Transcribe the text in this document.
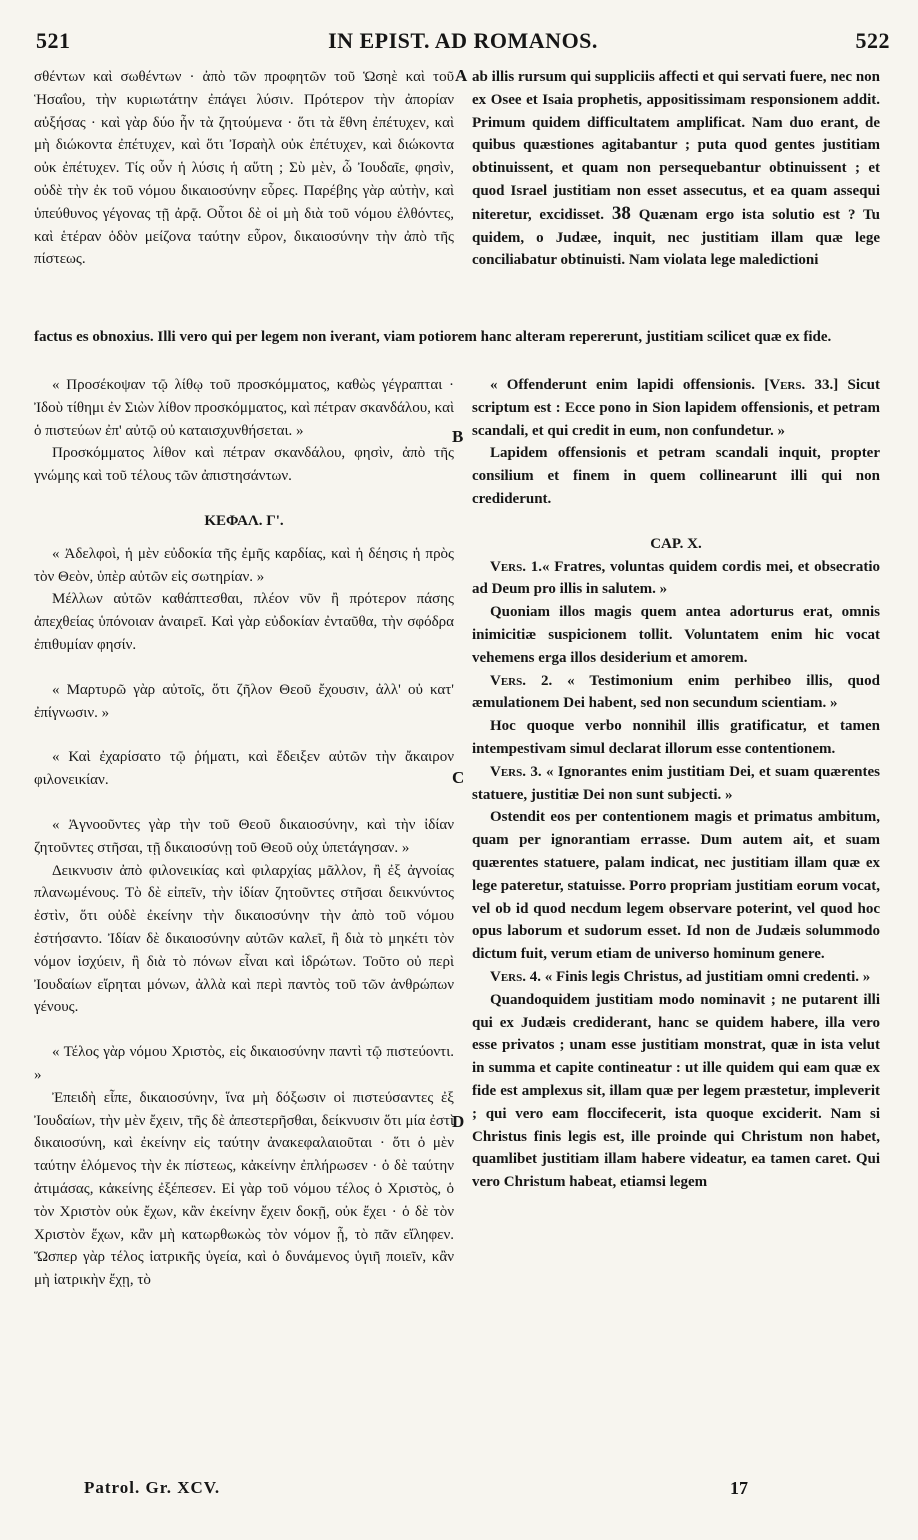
521	IN EPIST. AD ROMANOS.	522
A
B
C
D

σθέντων καὶ σωθέντων · ἀπὸ τῶν προφητῶν τοῦ Ὡσηὲ καὶ τοῦ Ἡσαΐου, τὴν κυριωτάτην ἐπάγει λύσιν. Πρότερον τὴν ἀπορίαν αὐξήσας · καὶ γὰρ δύο ἦν τὰ ζητούμενα · ὅτι τὰ ἔθνη ἐπέτυχεν, καὶ μὴ διώκοντα ἐπέτυχεν, καὶ ὅτι Ἰσραὴλ οὐκ ἐπέτυχεν, καὶ διώκοντα οὐκ ἐπέτυχεν. Τίς οὖν ἡ λύσις ἡ αὕτη ; Σὺ μὲν, ὦ Ἰουδαῖε, φησὶν, οὐδὲ τὴν ἐκ τοῦ νόμου δικαιοσύνην εὗρες. Παρέβης γὰρ αὐτὴν, καὶ ὑπεύθυνος γέγονας τῇ ἀρᾷ. Οὗτοι δὲ οἱ μὴ διὰ τοῦ νόμου ἐλθόντες, καὶ ἑτέραν ὁδὸν μείζονα ταύτην εὗρον, δικαιοσύνην τὴν ἀπὸ τῆς πίστεως.

ab illis rursum qui suppliciis affecti et qui servati fuere, nec non ex Osee et Isaia prophetis, appositissimam responsionem addit. Primum quidem difficultatem amplificat. Nam duo erant, de quibus quæstiones agitabantur ; puta quod gentes justitiam obtinuissent, et quam non persequebantur obtinuissent ; et quod Israel justitiam non esset assecutus, et ea quam assequi niteretur, excidisset. 38 Quænam ergo ista solutio est ? Tu quidem, o Judæe, inquit, nec justitiam illam quæ lege conciliabatur obtinuisti. Nam violata lege maledictioni

factus es obnoxius. Illi vero qui per legem non iverant, viam potiorem hanc alteram repererunt, justitiam scilicet quæ ex fide.

« Προσέκοψαν τῷ λίθῳ τοῦ προσκόμματος, καθὼς γέγραπται · Ἰδοὺ τίθημι ἐν Σιὼν λίθον προσκόμματος, καὶ πέτραν σκανδάλου, καὶ ὁ πιστεύων ἐπ' αὐτῷ οὐ καταισχυνθήσεται. »

Προσκόμματος λίθον καὶ πέτραν σκανδάλου, φησὶν, ἀπὸ τῆς γνώμης καὶ τοῦ τέλους τῶν ἀπιστησάντων.

ΚΕΦΑΛ. Γ'.

« Ἀδελφοὶ, ἡ μὲν εὐδοκία τῆς ἐμῆς καρδίας, καὶ ἡ δέησις ἡ πρὸς τὸν Θεὸν, ὑπὲρ αὐτῶν εἰς σωτηρίαν. »

Μέλλων αὐτῶν καθάπτεσθαι, πλέον νῦν ἢ πρότερον πάσης ἀπεχθείας ὑπόνοιαν ἀναιρεῖ. Καὶ γὰρ εὐδοκίαν ἐνταῦθα, τὴν σφόδρα ἐπιθυμίαν φησίν.

« Μαρτυρῶ γὰρ αὐτοῖς, ὅτι ζῆλον Θεοῦ ἔχουσιν, ἀλλ' οὐ κατ' ἐπίγνωσιν. »

« Καὶ ἐχαρίσατο τῷ ῥήματι, καὶ ἔδειξεν αὐτῶν τὴν ἄκαιρον φιλονεικίαν.

« Ἀγνοοῦντες γὰρ τὴν τοῦ Θεοῦ δικαιοσύνην, καὶ τὴν ἰδίαν ζητοῦντες στῆσαι, τῇ δικαιοσύνῃ τοῦ Θεοῦ οὐχ ὑπετάγησαν. »

Δεικνυσιν ἀπὸ φιλονεικίας καὶ φιλαρχίας μᾶλλον, ἢ ἐξ ἀγνοίας πλανωμένους. Τὸ δὲ εἰπεῖν, τὴν ἰδίαν ζητοῦντες στῆσαι δεικνύντος ἐστὶν, ὅτι οὐδὲ ἐκείνην τὴν δικαιοσύνην τὴν ἀπὸ τοῦ νόμου ἐστήσαντο. Ἰδίαν δὲ δικαιοσύνην αὐτῶν καλεῖ, ἢ διὰ τὸ μηκέτι τὸν νόμον ἰσχύειν, ἢ διὰ τὸ πόνων εἶναι καὶ ἱδρώτων. Τοῦτο οὐ περὶ Ἰουδαίων εἴρηται μόνων, ἀλλὰ καὶ περὶ παντὸς τοῦ τῶν ἀνθρώπων γένους.

« Τέλος γὰρ νόμου Χριστὸς, εἰς δικαιοσύνην παντὶ τῷ πιστεύοντι. »

Ἐπειδὴ εἶπε, δικαιοσύνην, ἵνα μὴ δόξωσιν οἱ πιστεύσαντες ἐξ Ἰουδαίων, τὴν μὲν ἔχειν, τῆς δὲ ἀπεστερῆσθαι, δείκνυσιν ὅτι μία ἐστὶ δικαιοσύνη, καὶ ἐκείνην εἰς ταύτην ἀνακεφαλαιοῦται · ὅτι ὁ μὲν ταύτην ἑλόμενος τὴν ἐκ πίστεως, κἀκείνην ἐπλήρωσεν · ὁ δὲ ταύτην ἀτιμάσας, κἀκείνης ἐξέπεσεν. Εἰ γὰρ τοῦ νόμου τέλος ὁ Χριστὸς, ὁ τὸν Χριστὸν οὐκ ἔχων, κἂν ἐκείνην ἔχειν δοκῇ, οὐκ ἔχει · ὁ δὲ τὸν Χριστὸν ἔχων, κἂν μὴ κατωρθωκὼς τὸν νόμον ᾖ, τὸ πᾶν εἴληφεν. Ὥσπερ γὰρ τέλος ἰατρικῆς ὑγεία, καὶ ὁ δυνάμενος ὑγιῆ ποιεῖν, κἂν μὴ ἰατρικὴν ἔχῃ, τὸ

« Offenderunt enim lapidi offensionis. [Vers. 33.] Sicut scriptum est : Ecce pono in Sion lapidem offensionis, et petram scandali, et qui credit in eum, non confundetur. »

Lapidem offensionis et petram scandali inquit, propter consilium et finem in quem collinearunt illi qui non crediderunt.

CAP. X.

Vers. 1.« Fratres, voluntas quidem cordis mei, et obsecratio ad Deum pro illis in salutem. »

Quoniam illos magis quem antea adorturus erat, omnis inimicitiæ suspicionem tollit. Voluntatem enim hic vocat vehemens erga illos desiderium et amorem.

Vers. 2. « Testimonium enim perhibeo illis, quod æmulationem Dei habent, sed non secundum scientiam. »

Hoc quoque verbo nonnihil illis gratificatur, et tamen intempestivam simul declarat illorum esse contentionem.

Vers. 3. « Ignorantes enim justitiam Dei, et suam quærentes statuere, justitiæ Dei non sunt subjecti. »

Ostendit eos per contentionem magis et primatus ambitum, quam per ignorantiam errasse. Dum autem ait, et suam quærentes statuere, palam indicat, nec justitiam illam quæ ex lege pateretur, statuisse. Porro propriam justitiam eorum vocat, vel ob id quod necdum legem observare poterint, vel quod hoc opus laborum et sudorum esset. Id non de Judæis solummodo dictum fuit, verum etiam de universo hominum genere.

Vers. 4. « Finis legis Christus, ad justitiam omni credenti. »

Quandoquidem justitiam modo nominavit ; ne putarent illi qui ex Judæis crediderant, hanc se quidem habere, illa vero esse privatos ; unam esse justitiam monstrat, quæ in ista velut in summa et capite contineatur : ut ille quidem qui eam quæ ex fide est amplexus sit, illam quæ per legem præstetur, impleverit ; qui vero eam floccifecerit, ista quoque exciderit. Nam si Christus finis legis est, ille proinde qui Christum non habet, quamlibet justitiam illam habere videatur, ea tamen caret. Qui vero Christum habeat, etiamsi legem

Patrol. Gr. XCV.	17
